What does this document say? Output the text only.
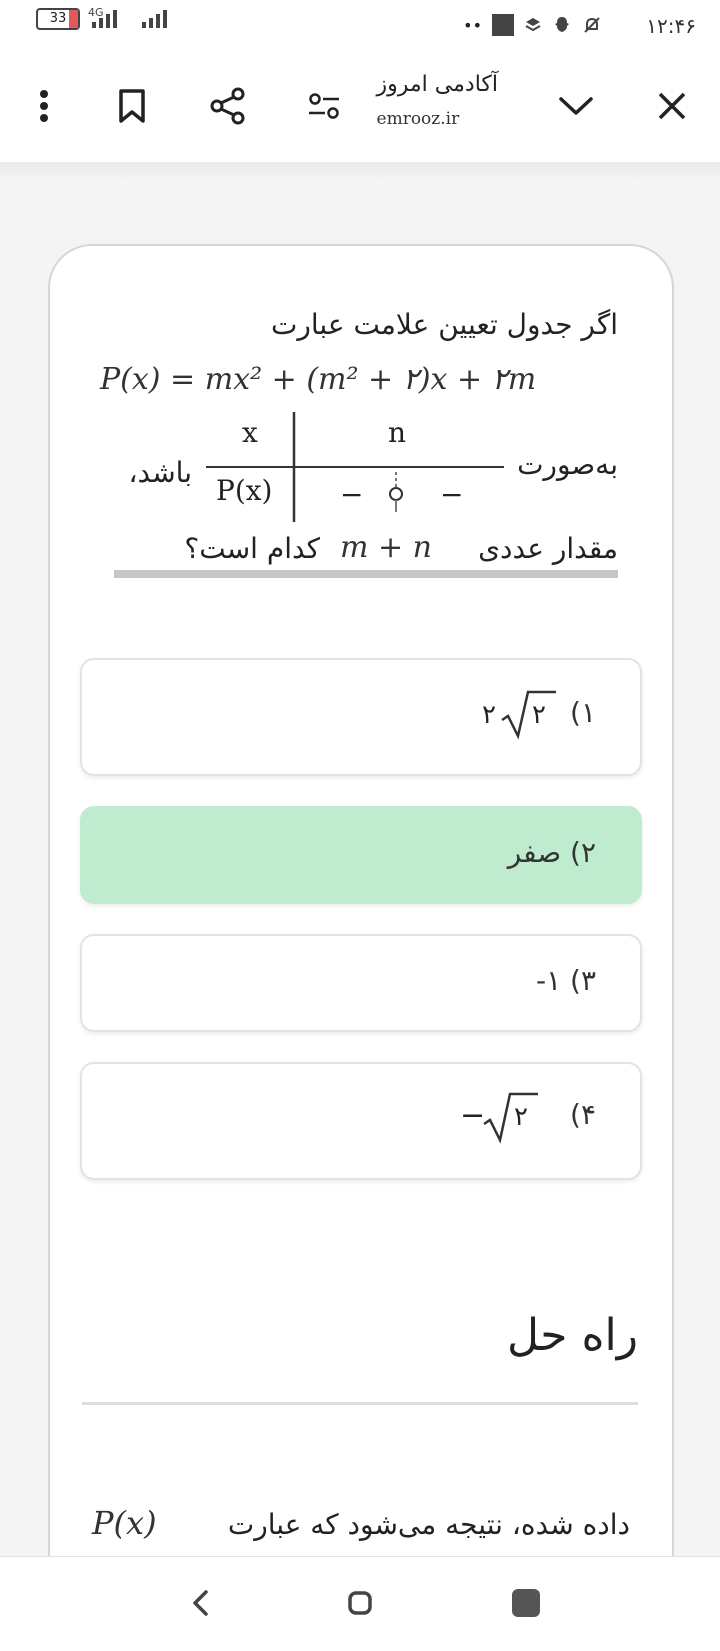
33	4G
••	۱۲:۴۶
آکادمی امروز
emrooz.ir
اگر جدول تعیین علامت عبارت
P(x) = mx² + (m² + ۲)x + ۲m
به‌صورت
باشد،
x	n
P(x) −	−
مقدار عددی
m + n
کدام است؟
۱)
۲ ۲
۲) صفر
۳) ۱-
۴)
− ۲
راه حل
داده شده، نتیجه می‌شود که عبارت
P(x)
